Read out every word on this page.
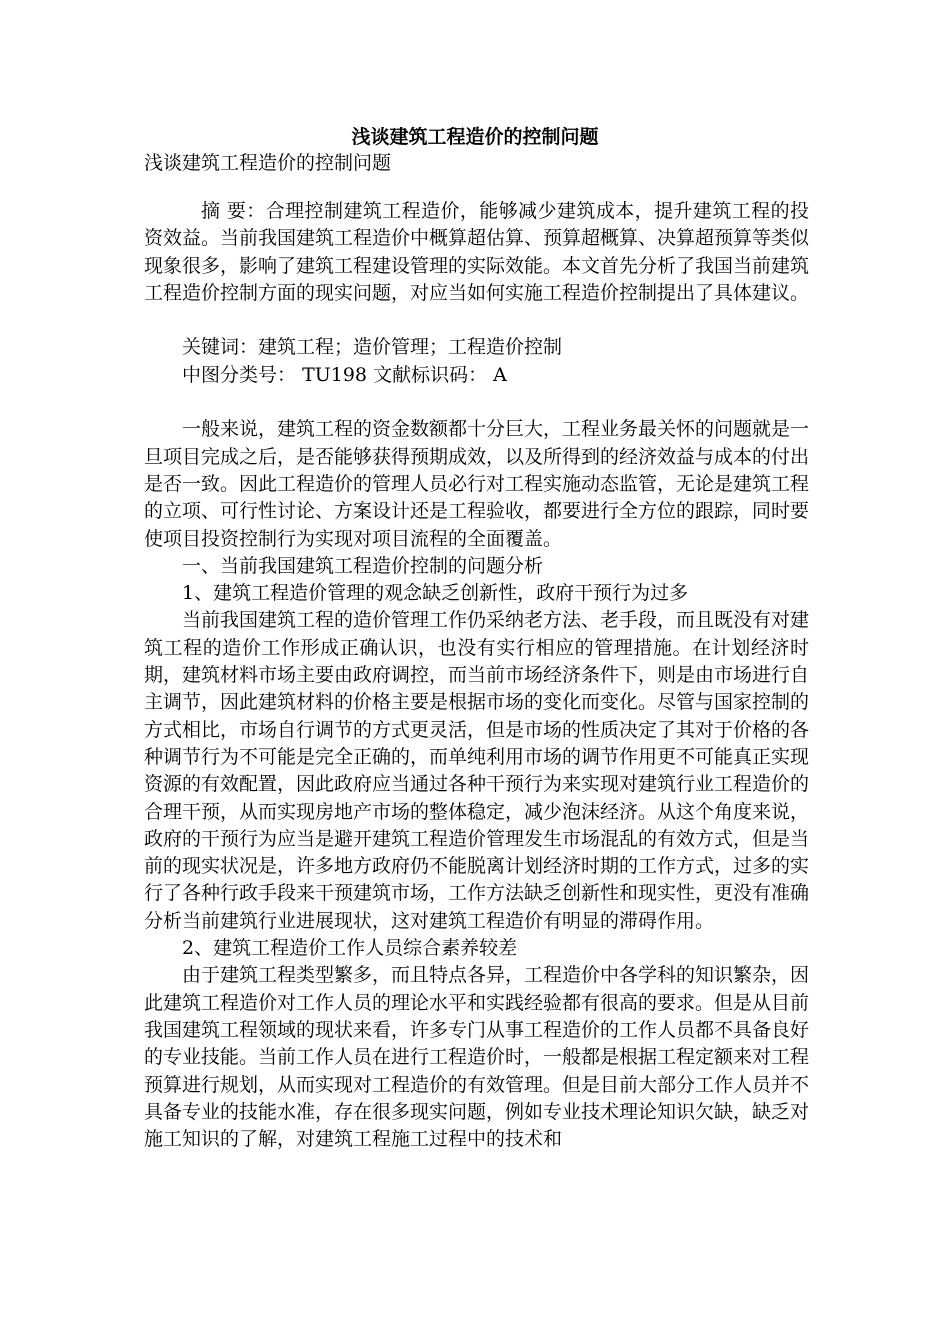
浅谈建筑工程造价的控制问题
浅谈建筑工程造价的控制问题

摘 要：合理控制建筑工程造价，能够减少建筑成本，提升建筑工程的投资效益。当前我国建筑工程造价中概算超估算、预算超概算、决算超预算等类似现象很多，影响了建筑工程建设管理的实际效能。本文首先分析了我国当前建筑工程造价控制方面的现实问题，对应当如何实施工程造价控制提出了具体建议。

关键词：建筑工程；造价管理；工程造价控制

中图分类号： TU198 文献标识码： A

一般来说，建筑工程的资金数额都十分巨大，工程业务最关怀的问题就是一旦项目完成之后，是否能够获得预期成效，以及所得到的经济效益与成本的付出是否一致。因此工程造价的管理人员必行对工程实施动态监管，无论是建筑工程的立项、可行性讨论、方案设计还是工程验收，都要进行全方位的跟踪，同时要使项目投资控制行为实现对项目流程的全面覆盖。

一、当前我国建筑工程造价控制的问题分析

1、建筑工程造价管理的观念缺乏创新性，政府干预行为过多

当前我国建筑工程的造价管理工作仍采纳老方法、老手段，而且既没有对建筑工程的造价工作形成正确认识，也没有实行相应的管理措施。在计划经济时期，建筑材料市场主要由政府调控，而当前市场经济条件下，则是由市场进行自主调节，因此建筑材料的价格主要是根据市场的变化而变化。尽管与国家控制的方式相比，市场自行调节的方式更灵活，但是市场的性质决定了其对于价格的各种调节行为不可能是完全正确的，而单纯利用市场的调节作用更不可能真正实现资源的有效配置，因此政府应当通过各种干预行为来实现对建筑行业工程造价的合理干预，从而实现房地产市场的整体稳定，减少泡沫经济。从这个角度来说，政府的干预行为应当是避开建筑工程造价管理发生市场混乱的有效方式，但是当前的现实状况是，许多地方政府仍不能脱离计划经济时期的工作方式，过多的实行了各种行政手段来干预建筑市场，工作方法缺乏创新性和现实性，更没有准确分析当前建筑行业进展现状，这对建筑工程造价有明显的滞碍作用。

2、建筑工程造价工作人员综合素养较差

由于建筑工程类型繁多，而且特点各异，工程造价中各学科的知识繁杂，因此建筑工程造价对工作人员的理论水平和实践经验都有很高的要求。但是从目前我国建筑工程领域的现状来看，许多专门从事工程造价的工作人员都不具备良好的专业技能。当前工作人员在进行工程造价时，一般都是根据工程定额来对工程预算进行规划，从而实现对工程造价的有效管理。但是目前大部分工作人员并不具备专业的技能水准，存在很多现实问题，例如专业技术理论知识欠缺，缺乏对施工知识的了解，对建筑工程施工过程中的技术和
